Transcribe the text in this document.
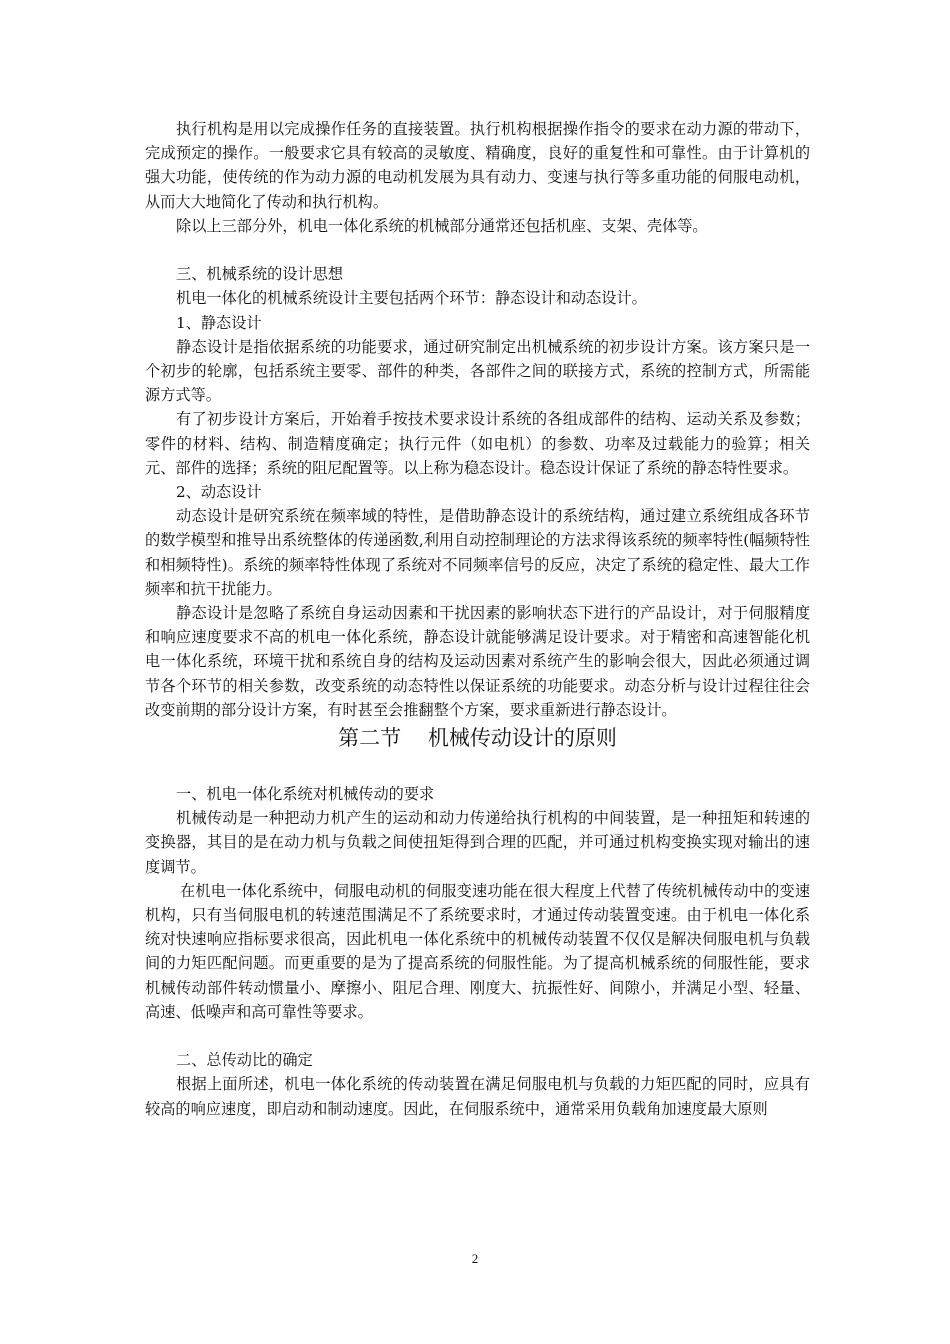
执行机构是用以完成操作任务的直接装置。执行机构根据操作指令的要求在动力源的带动下，完成预定的操作。一般要求它具有较高的灵敏度、精确度，良好的重复性和可靠性。由于计算机的强大功能，使传统的作为动力源的电动机发展为具有动力、变速与执行等多重功能的伺服电动机，从而大大地简化了传动和执行机构。

除以上三部分外，机电一体化系统的机械部分通常还包括机座、支架、壳体等。

三、机械系统的设计思想

机电一体化的机械系统设计主要包括两个环节：静态设计和动态设计。

1、静态设计

静态设计是指依据系统的功能要求，通过研究制定出机械系统的初步设计方案。该方案只是一个初步的轮廓，包括系统主要零、部件的种类，各部件之间的联接方式，系统的控制方式，所需能源方式等。

有了初步设计方案后，开始着手按技术要求设计系统的各组成部件的结构、运动关系及参数；零件的材料、结构、制造精度确定；执行元件（如电机）的参数、功率及过载能力的验算；相关元、部件的选择；系统的阻尼配置等。以上称为稳态设计。稳态设计保证了系统的静态特性要求。

2、动态设计

动态设计是研究系统在频率域的特性，是借助静态设计的系统结构，通过建立系统组成各环节的数学模型和推导出系统整体的传递函数,利用自动控制理论的方法求得该系统的频率特性(幅频特性和相频特性)。系统的频率特性体现了系统对不同频率信号的反应，决定了系统的稳定性、最大工作频率和抗干扰能力。

静态设计是忽略了系统自身运动因素和干扰因素的影响状态下进行的产品设计，对于伺服精度和响应速度要求不高的机电一体化系统，静态设计就能够满足设计要求。对于精密和高速智能化机电一体化系统，环境干扰和系统自身的结构及运动因素对系统产生的影响会很大，因此必须通过调节各个环节的相关参数，改变系统的动态特性以保证系统的功能要求。动态分析与设计过程往往会改变前期的部分设计方案，有时甚至会推翻整个方案，要求重新进行静态设计。

第二节    机械传动设计的原则

一、机电一体化系统对机械传动的要求

机械传动是一种把动力机产生的运动和动力传递给执行机构的中间装置，是一种扭矩和转速的变换器，其目的是在动力机与负载之间使扭矩得到合理的匹配，并可通过机构变换实现对输出的速度调节。

在机电一体化系统中，伺服电动机的伺服变速功能在很大程度上代替了传统机械传动中的变速机构，只有当伺服电机的转速范围满足不了系统要求时，才通过传动装置变速。由于机电一体化系统对快速响应指标要求很高，因此机电一体化系统中的机械传动装置不仅仅是解决伺服电机与负载间的力矩匹配问题。而更重要的是为了提高系统的伺服性能。为了提高机械系统的伺服性能，要求机械传动部件转动惯量小、摩擦小、阻尼合理、刚度大、抗振性好、间隙小，并满足小型、轻量、高速、低噪声和高可靠性等要求。

二、总传动比的确定

根据上面所述，机电一体化系统的传动装置在满足伺服电机与负载的力矩匹配的同时，应具有较高的响应速度，即启动和制动速度。因此，在伺服系统中，通常采用负载角加速度最大原则

2
